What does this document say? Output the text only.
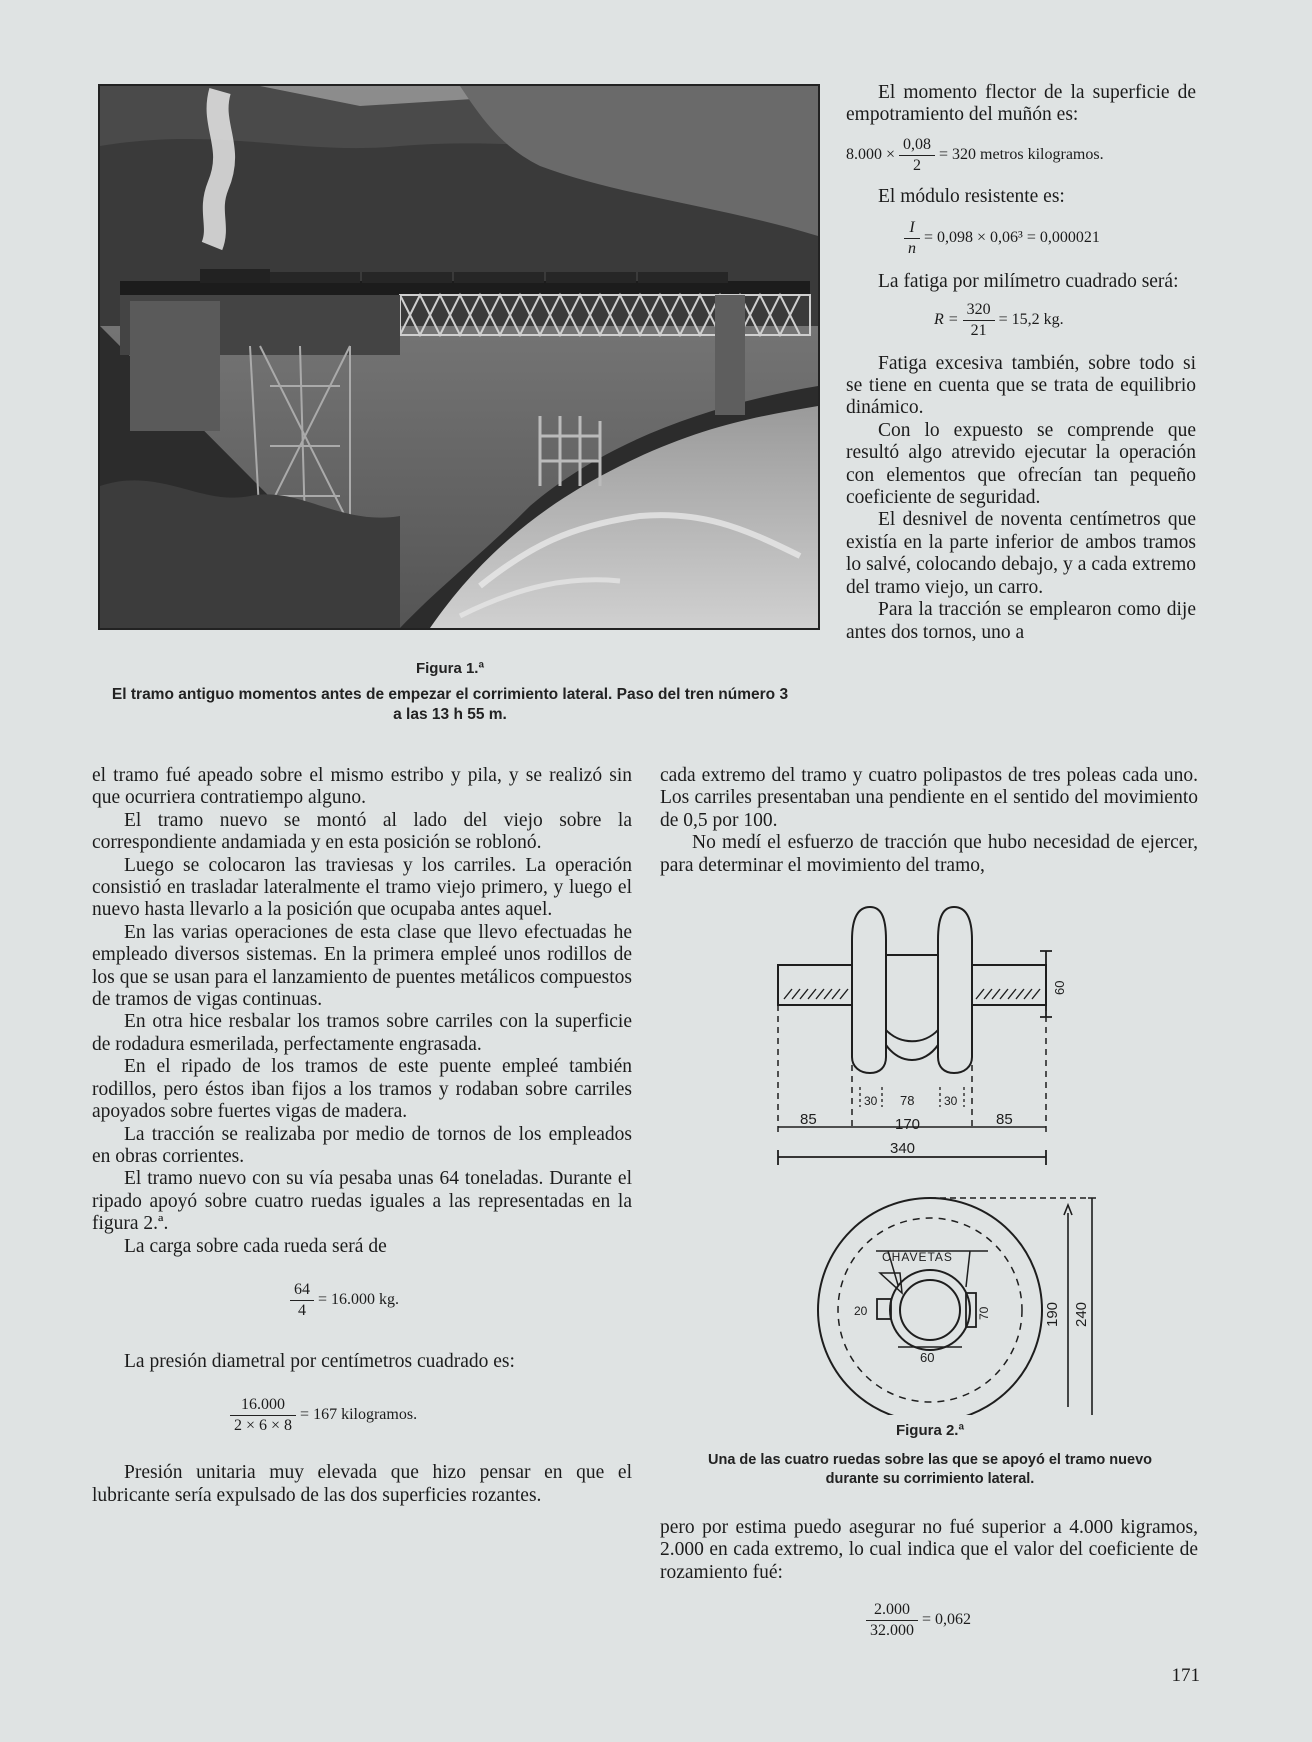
Figura 1.ª
El tramo antiguo momentos antes de empezar el corrimiento lateral. Paso del tren número 3
a las 13 h 55 m.

El momento flector de la superficie de empotramiento del muñón es:

$8.000 \times \frac{0,08}{2} = 320$ metros kilogramos.

El módulo resistente es:

$\frac{I}{n} = 0,098 \times 0,06^3 = 0,000021$

La fatiga por milímetro cuadrado será:

$R = \frac{320}{21} = 15,2$ kg.

Fatiga excesiva también, sobre todo si se tiene en cuenta que se trata de equilibrio dinámico.

Con lo expuesto se comprende que resultó algo atrevido ejecutar la operación con elementos que ofrecían tan pequeño coeficiente de seguridad.

El desnivel de noventa centímetros que existía en la parte inferior de ambos tramos lo salvé, colocando debajo, y a cada extremo del tramo viejo, un carro.

Para la tracción se emplearon como dije antes dos tornos, uno a

cada extremo del tramo y cuatro polipastos de tres poleas cada uno. Los carriles presentaban una pendiente en el sentido del movimiento de 0,5 por 100.

No medí el esfuerzo de tracción que hubo necesidad de ejercer, para determinar el movimiento del tramo,

30 78 30
85	170	85
340
60
CHAVETAS
20	70
60
190 240
Figura 2.ª
Una de las cuatro ruedas sobre las que se apoyó el tramo nuevo
durante su corrimiento lateral.

pero por estima puedo asegurar no fué superior a 4.000 kigramos, 2.000 en cada extremo, lo cual indica que el valor del coeficiente de rozamiento fué:

$\frac{2.000}{32.000} = 0,062$

el tramo fué apeado sobre el mismo estribo y pila, y se realizó sin que ocurriera contratiempo alguno.

El tramo nuevo se montó al lado del viejo sobre la correspondiente andamiada y en esta posición se roblonó.

Luego se colocaron las traviesas y los carriles. La operación consistió en trasladar lateralmente el tramo viejo primero, y luego el nuevo hasta llevarlo a la posición que ocupaba antes aquel.

En las varias operaciones de esta clase que llevo efectuadas he empleado diversos sistemas. En la primera empleé unos rodillos de los que se usan para el lanzamiento de puentes metálicos compuestos de tramos de vigas continuas.

En otra hice resbalar los tramos sobre carriles con la superficie de rodadura esmerilada, perfectamente engrasada.

En el ripado de los tramos de este puente empleé también rodillos, pero éstos iban fijos a los tramos y rodaban sobre carriles apoyados sobre fuertes vigas de madera.

La tracción se realizaba por medio de tornos de los empleados en obras corrientes.

El tramo nuevo con su vía pesaba unas 64 toneladas. Durante el ripado apoyó sobre cuatro ruedas iguales a las representadas en la figura 2.ª.

La carga sobre cada rueda será de

$\frac{64}{4} = 16.000$ kg.

La presión diametral por centímetros cuadrado es:

$\frac{16.000}{2 \times 6 \times 8} = 167$ kilogramos.

Presión unitaria muy elevada que hizo pensar en que el lubricante sería expulsado de las dos superficies rozantes.

171
